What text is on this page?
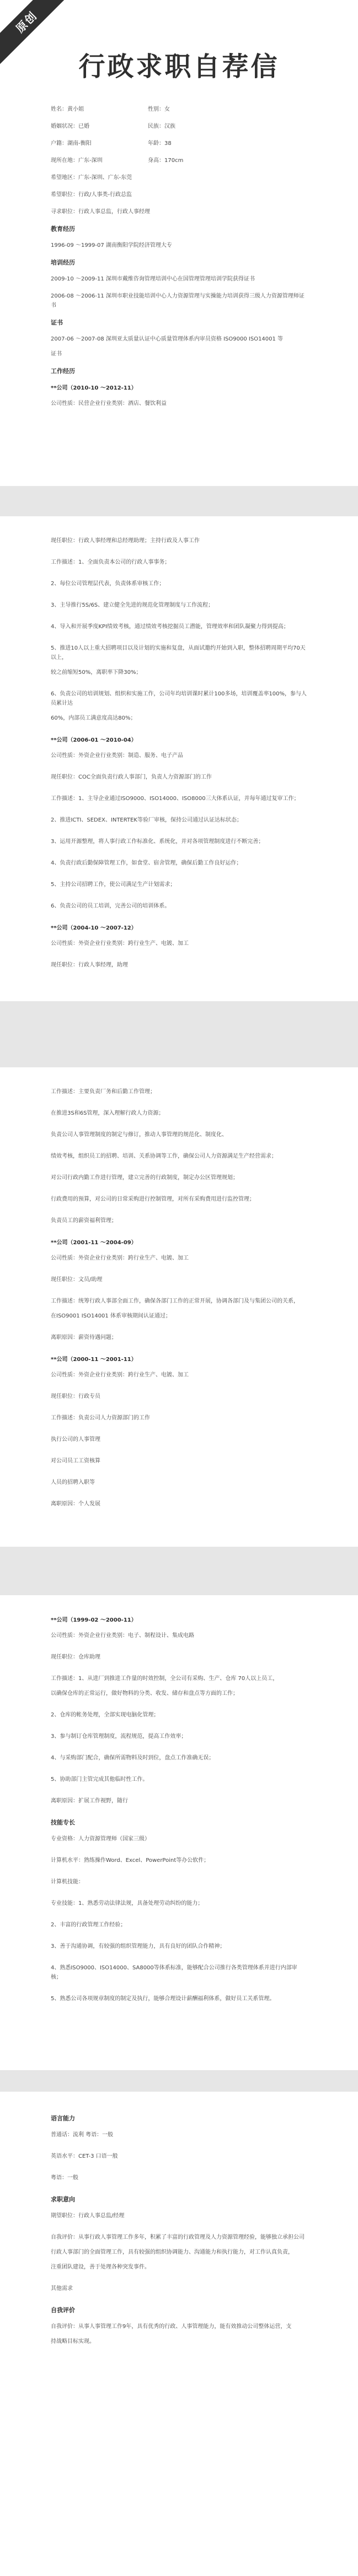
原创
行政求职自荐信
姓名：黄小姐	性别：女
婚姻状况：已婚	民族：汉族
户籍：湖南-衡阳	年龄：38
现所在地：广东-深圳	身高：170cm
希望地区：广东-深圳、广东-东莞
希望职位：行政/人事类-行政总监
寻求职位：行政人事总监，行政人事经理
教育经历
1996-09 ～1999-07 湖南衡阳学院经济管理大专
培训经历
2009-10 ～2009-11 深圳市戴维咨询管理培训中心在国管理管理培训学院获得证书
2006-08 ～2006-11 深圳市职业技能培训中心人力资源管理与实操能力培训获得三级人力资源管理师证书
证书
2007-06 ～2007-08 深圳亚太质量认证中心质量管理体系内审员资格 ISO9000 ISO14001 等
证书
工作经历
**公司（2010-10 ～2012-11）
公司性质：民营企业行业类别：酒店、餐饮利益
现任职位：行政人事经理和总经理助理；主持行政及人事工作
工作描述：1、全面负责本公司的行政人事事务；
2、每位公司管理层代表，负责体系审核工作；
3、主导推行5S/6S、建立健全先进的规范化管理制度与工作流程；
4、导入和开展季度KPI绩效考核，通过绩效考核挖掘员工潜能，管理效率和团队凝聚力得到提高；
5、推进10人以上重大招聘项目以及计划的实施和复盘，从面试邀约开始到入职，整体招聘周期平均70天以上，
较之前缩短50%，离职率下降30%；
6、负责公司的培训规划、组织和实施工作，公司年均培训课时累计100多场，培训覆盖率100%，参与人员累计达
60%，内部员工满意度高达80%；
**公司（2006-01 ～2010-04）
公司性质：外资企业行业类别：制造、服务、电子产品
现任职位：COC全面负责行政人事部门，负责人力资源部门的工作
工作描述：1、主导企业通过ISO9000、ISO14000、ISO8000三大体系认证，并每年通过复审工作；
2、推进ICTI、SEDEX、INTERTEK等验厂审核，保持公司通过认证达标状态；
3、运用开源整理，将人事行政工作标准化、系统化，并对各项管理制度进行不断完善；
4、负责行政后勤保障管理工作，如食堂、宿舍管理，确保后勤工作良好运作；
5、主持公司招聘工作，使公司满足生产计划需求；
6、负责公司的员工培训，完善公司的培训体系。
**公司（2004-10 ～2007-12）
公司性质：外资企业行业类别：跨行业生产、电镀、加工
现任职位：行政人事经理，助理
工作描述：主要负责厂务和后勤工作管理；
在推进3S和6S管理，深入理解行政人力资源；
负责公司人事管理制度的制定与修订，推动人事管理的规范化、制度化、
绩效考核，组织员工的招聘、培训、关系协调等工作，确保公司人力资源满足生产经营需求；
对公司行政内勤工作进行管理，建立完善的行政制度，制定办公区管理规划；
行政费用的预算，对公司的日常采购进行控制管理，对所有采购费用进行监控管理；
负责员工的薪资福利管理；
**公司（2001-11 ～2004-09）
公司性质：外资企业行业类别：跨行业生产、电镀、加工
现任职位：文员/助理
工作描述：统筹行政人事部全面工作，确保各部门工作的正常开展，协调各部门及与集团公司的关系，
在ISO9001 ISO14001 体系审核期间认证通过；
离职原因：薪资待遇问题；
**公司（2000-11 ～2001-11）
公司性质：外资企业行业类别：跨行业生产、电镀、加工
现任职位：行政专员
工作描述：负责公司人力资源部门的工作
执行公司的人事管理
对公司员工工资核算
人员的招聘入职等
离职原因：个人发展
**公司（1999-02 ～2000-11）
公司性质：外资企业行业类别：电子、制程设计、集成电路
现任职位：仓库助理
工作描述：1、从进厂到推进工作量的时效控制，全公司有采购、生产、仓库 70人以上员工，
以确保仓库的正常运行，做好物料的分类、收发、储存和盘点等方面的工作；
2、仓库的帐务处理，全部实现电脑化管理；
3、参与制订仓库管理制度，流程规范，提高工作效率；
4、与采购部门配合，确保所需物料及时到位，盘点工作准确无误；
5、协助部门主管完成其他临时性工作。
离职原因：扩展工作视野，随行
技能专长
专业资格：人力资源管理师（国家三级）
计算机水平：熟练操作Word、Excel、PowerPoint等办公软件；
计算机技能：
专业技能：1、熟悉劳动法律法规，具备处理劳动纠纷的能力；
2、丰富的行政管理工作经验；
3、善于沟通协调，有较强的组织管理能力，具有良好的团队合作精神；
4、熟悉ISO9000、ISO14000、SA8000等体系标准，能够配合公司推行各类管理体系并进行内部审核；
5、熟悉公司各项规章制度的制定及执行，能够合理设计薪酬福利体系，做好员工关系管理。
语言能力
普通话：流利 粤语：一般
英语水平：CET-3 口语一般
粤语：一般
求职意向
期望职位：行政人事总监/经理
自我评价：从事行政人事管理工作多年，积累了丰富的行政管理及人力资源管理经验，能够独立承担公司
行政人事部门的全面管理工作，具有较强的组织协调能力、沟通能力和执行能力，对工作认真负责，
注重团队建设，善于处理各种突发事件。
其他需求
自我评价
自我评价：从事人事管理工作9年，具有优秀的行政、人事管理能力，能有效推动公司整体运营，支
持战略目标实现。
